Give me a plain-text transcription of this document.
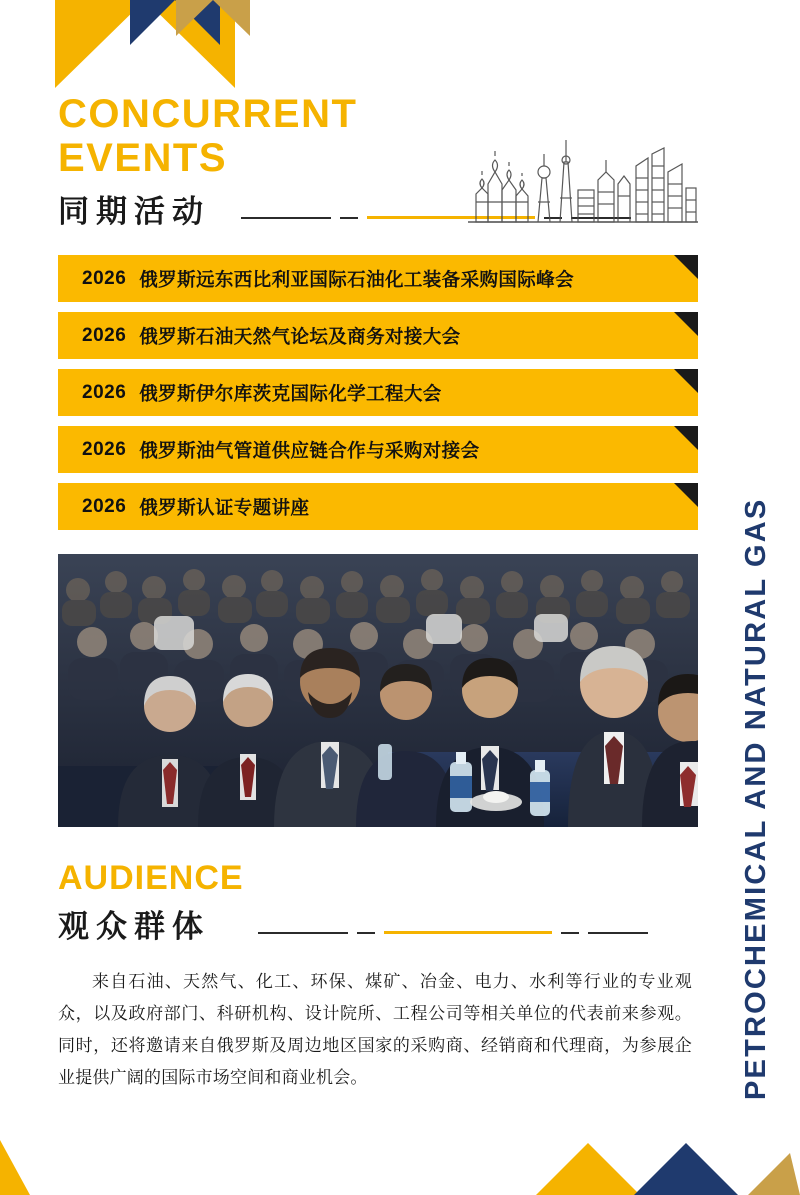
PETROCHEMICAL AND NATURAL GAS
CONCURRENT
EVENTS
同期活动
2026 俄罗斯远东西比利亚国际石油化工装备采购国际峰会
2026 俄罗斯石油天然气论坛及商务对接大会
2026 俄罗斯伊尔库茨克国际化学工程大会
2026 俄罗斯油气管道供应链合作与采购对接会
2026 俄罗斯认证专题讲座
AUDIENCE
观众群体

来自石油、天然气、化工、环保、煤矿、冶金、电力、水利等行业的专业观众，以及政府部门、科研机构、设计院所、工程公司等相关单位的代表前来参观。同时，还将邀请来自俄罗斯及周边地区国家的采购商、经销商和代理商，为参展企业提供广阔的国际市场空间和商业机会。
